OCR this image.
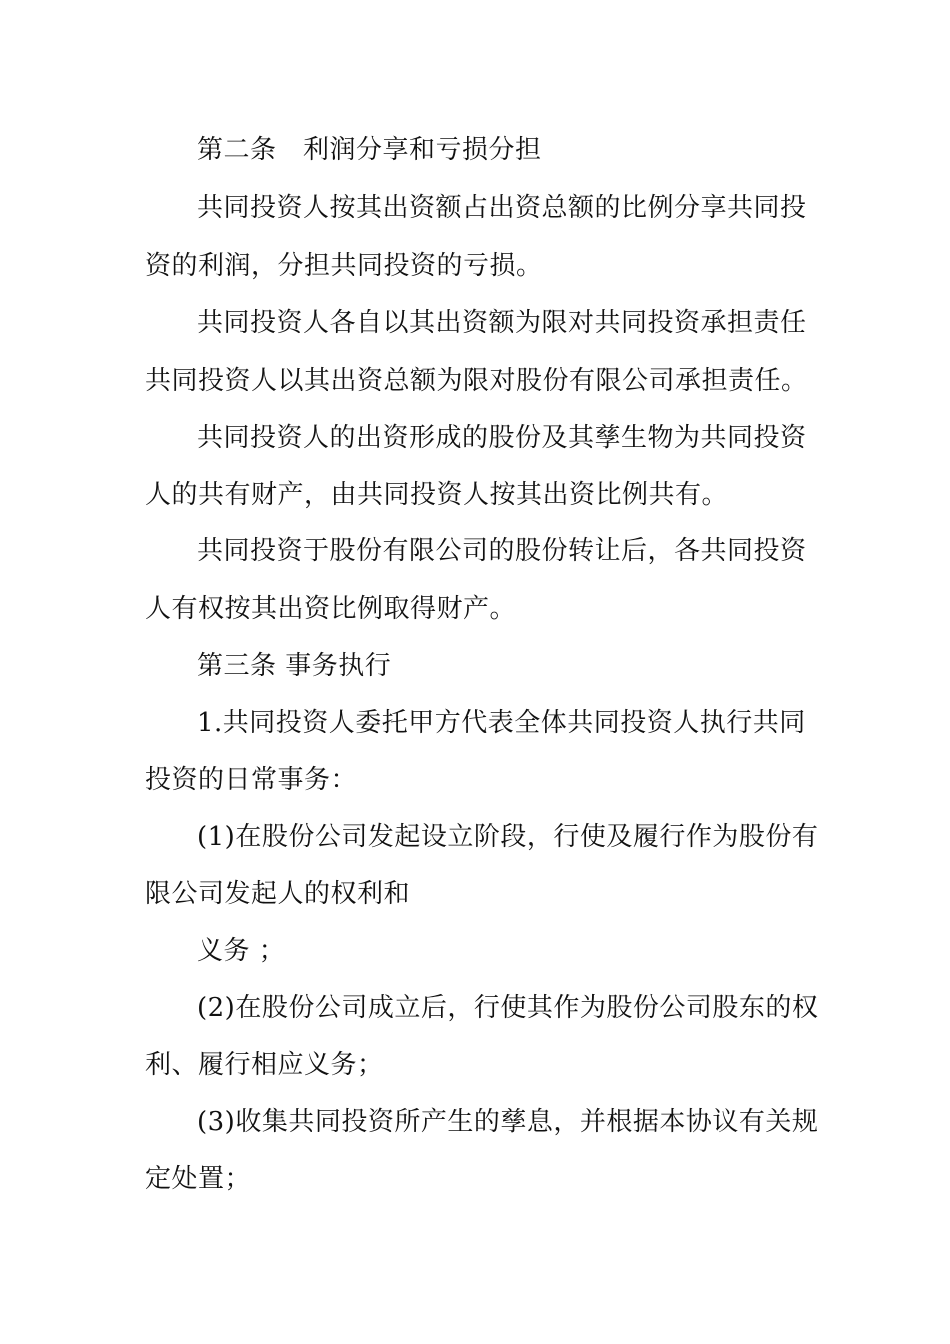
第二条　利润分享和亏损分担
共同投资人按其出资额占出资总额的比例分享共同投
资的利润，分担共同投资的亏损。
共同投资人各自以其出资额为限对共同投资承担责任
共同投资人以其出资总额为限对股份有限公司承担责任。
共同投资人的出资形成的股份及其孳生物为共同投资
人的共有财产，由共同投资人按其出资比例共有。
共同投资于股份有限公司的股份转让后，各共同投资
人有权按其出资比例取得财产。
第三条 事务执行
1.共同投资人委托甲方代表全体共同投资人执行共同
投资的日常事务：
(1)在股份公司发起设立阶段，行使及履行作为股份有
限公司发起人的权利和
义务 ；
(2)在股份公司成立后，行使其作为股份公司股东的权
利、履行相应义务；
(3)收集共同投资所产生的孳息，并根据本协议有关规
定处置；
